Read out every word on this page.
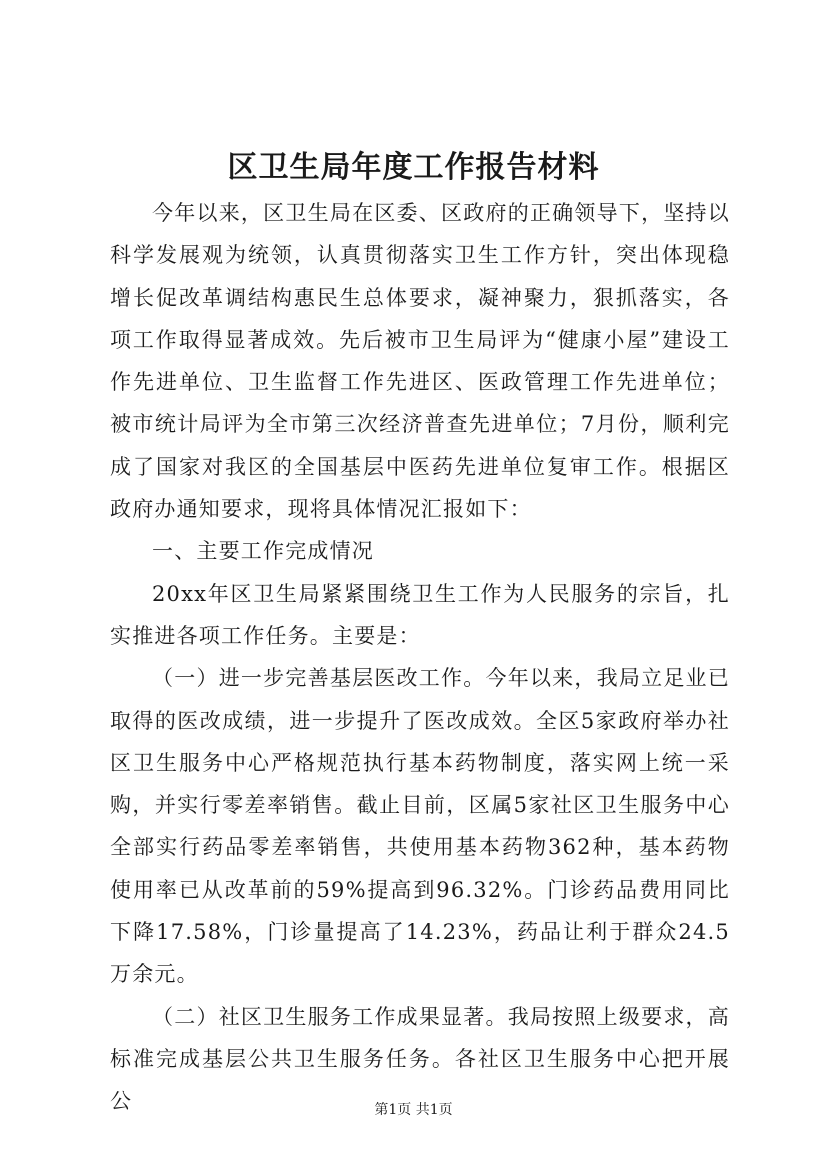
区卫生局年度工作报告材料

今年以来，区卫生局在区委、区政府的正确领导下，坚持以科学发展观为统领，认真贯彻落实卫生工作方针，突出体现稳增长促改革调结构惠民生总体要求，凝神聚力，狠抓落实，各项工作取得显著成效。先后被市卫生局评为“健康小屋”建设工作先进单位、卫生监督工作先进区、医政管理工作先进单位；被市统计局评为全市第三次经济普查先进单位；7月份，顺利完成了国家对我区的全国基层中医药先进单位复审工作。根据区政府办通知要求，现将具体情况汇报如下：

一、主要工作完成情况

20xx年区卫生局紧紧围绕卫生工作为人民服务的宗旨，扎实推进各项工作任务。主要是：

（一）进一步完善基层医改工作。今年以来，我局立足业已取得的医改成绩，进一步提升了医改成效。全区5家政府举办社区卫生服务中心严格规范执行基本药物制度，落实网上统一采购，并实行零差率销售。截止目前，区属5家社区卫生服务中心全部实行药品零差率销售，共使用基本药物362种，基本药物使用率已从改革前的59%提高到96.32%。门诊药品费用同比下降17.58%，门诊量提高了14.23%，药品让利于群众24.5万余元。

（二）社区卫生服务工作成果显著。我局按照上级要求，高标准完成基层公共卫生服务任务。各社区卫生服务中心把开展公	第1页 共1页
